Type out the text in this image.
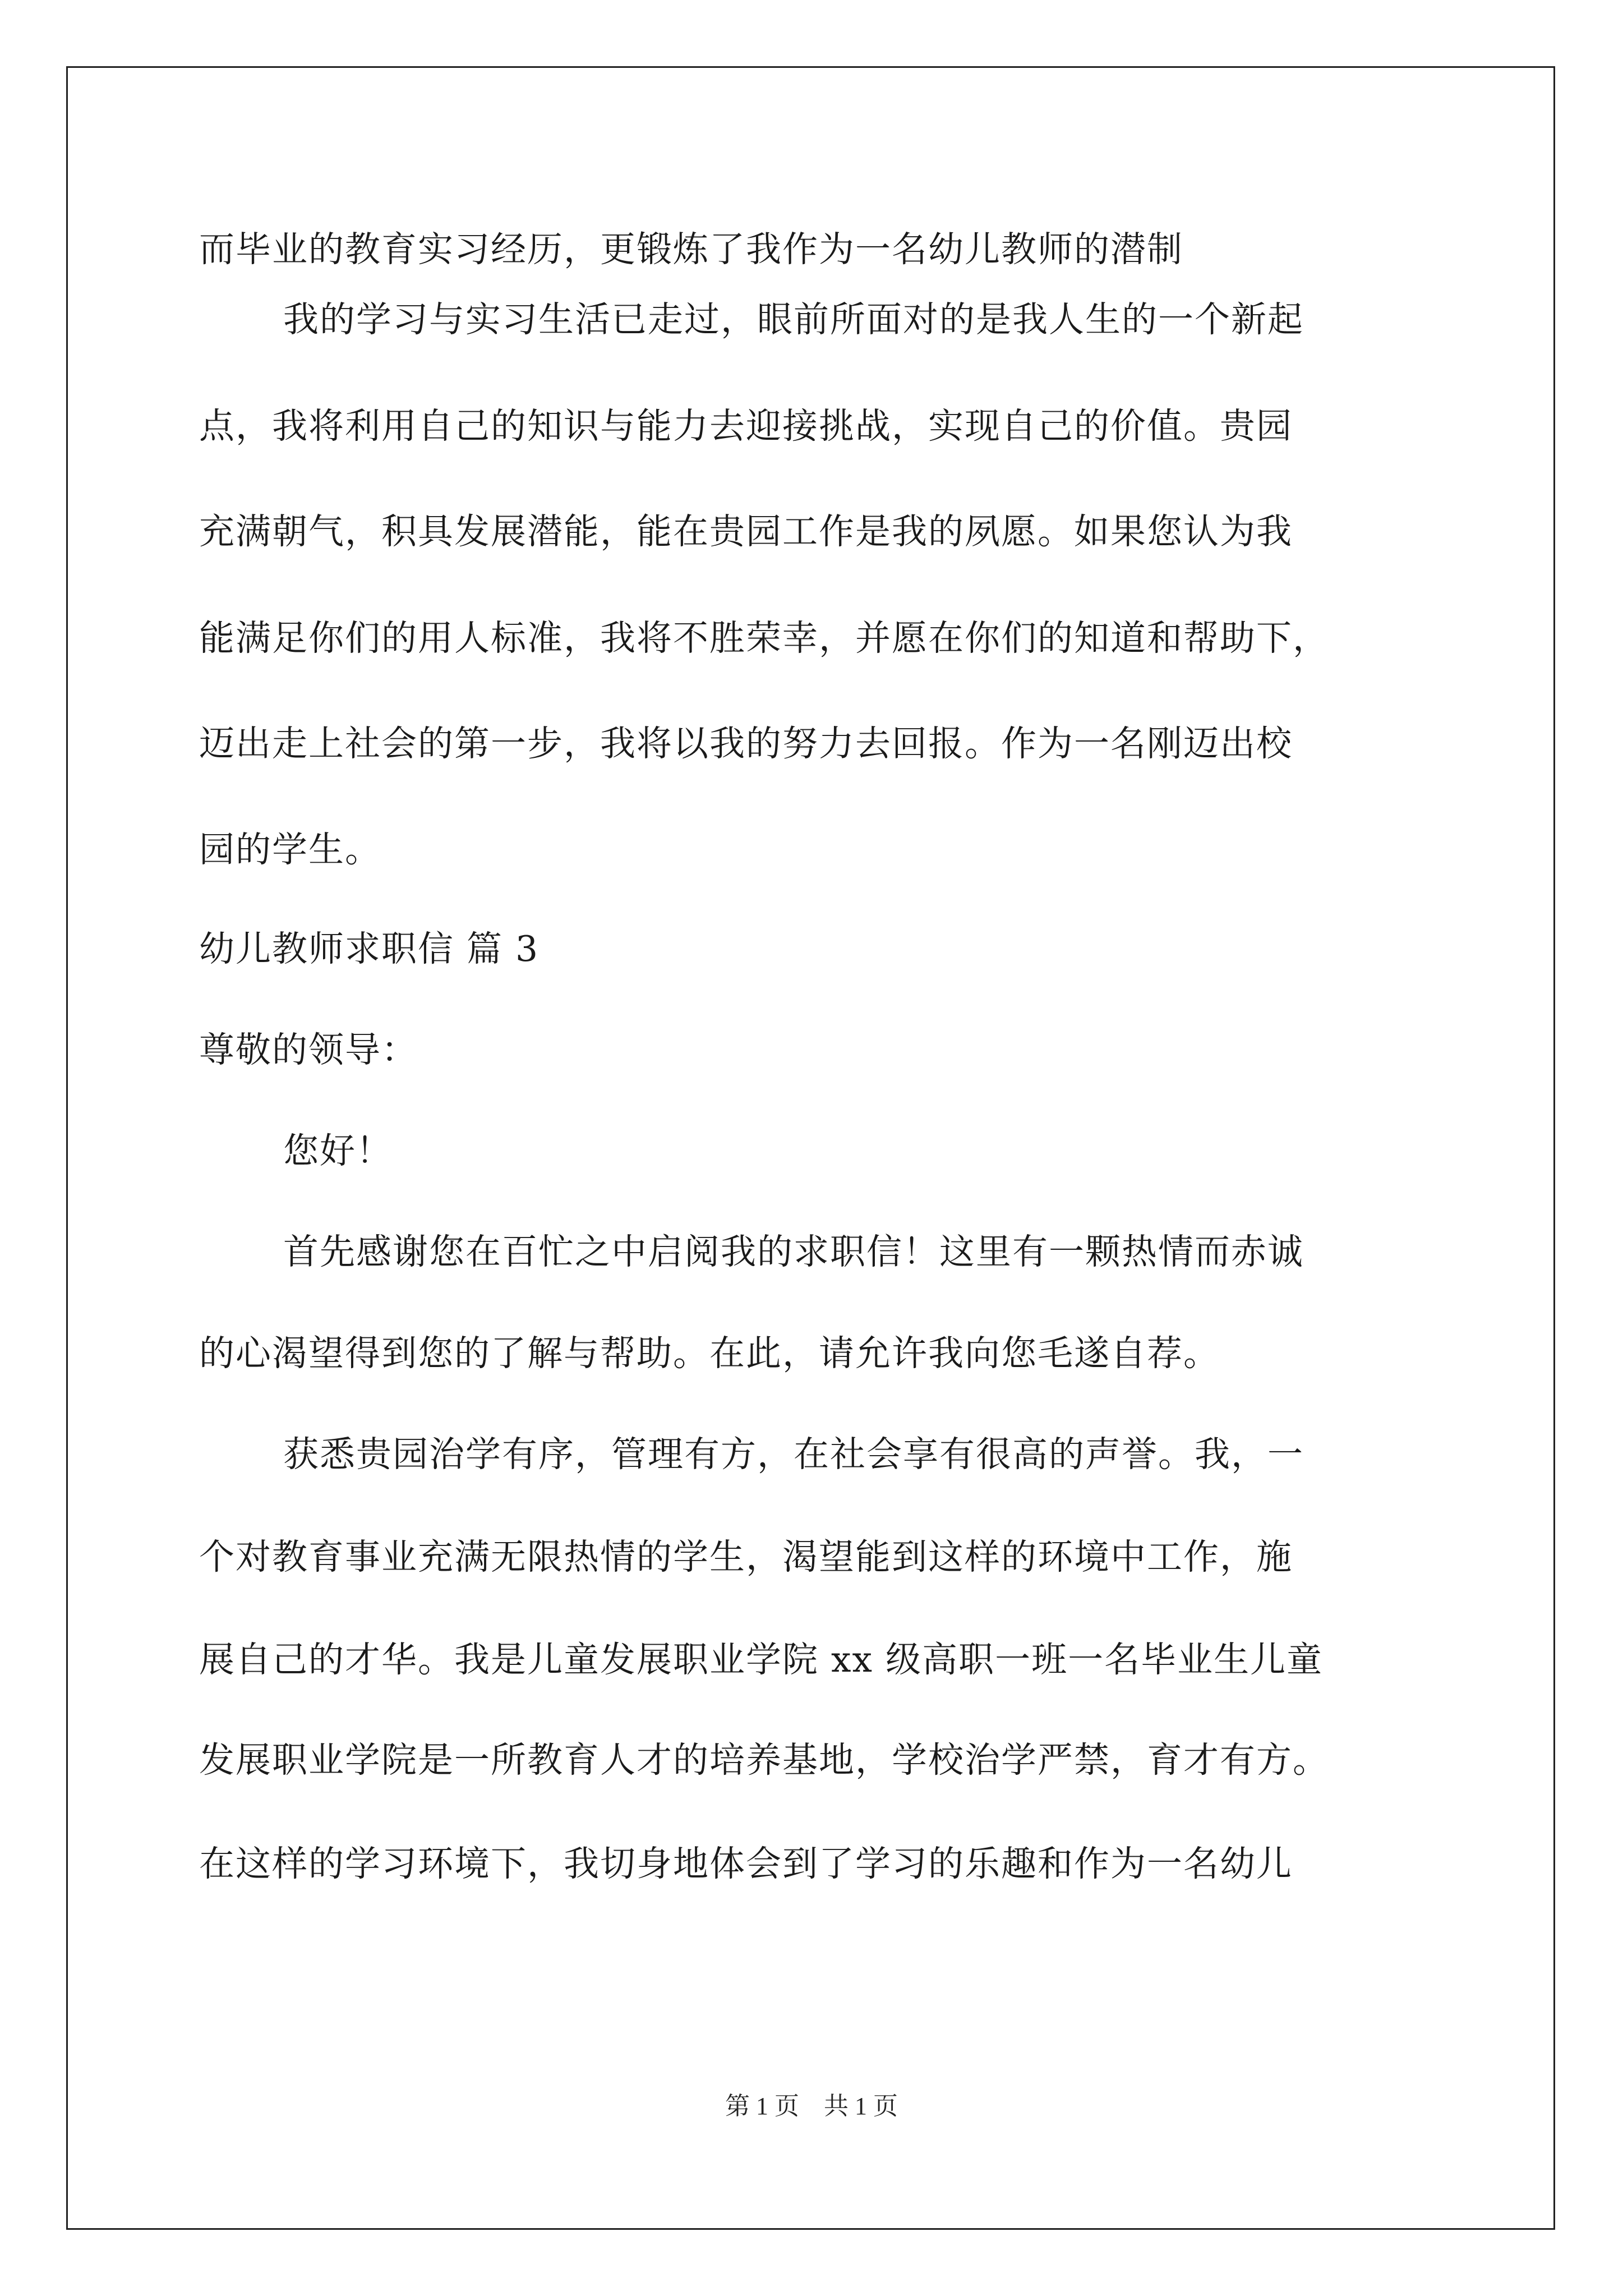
而毕业的教育实习经历，更锻炼了我作为一名幼儿教师的潜制
我的学习与实习生活已走过，眼前所面对的是我人生的一个新起
点，我将利用自己的知识与能力去迎接挑战，实现自己的价值。贵园
充满朝气，积具发展潜能，能在贵园工作是我的夙愿。如果您认为我
能满足你们的用人标准，我将不胜荣幸，并愿在你们的知道和帮助下，
迈出走上社会的第一步，我将以我的努力去回报。作为一名刚迈出校
园的学生。
幼儿教师求职信 篇 3
尊敬的领导：
您好！
首先感谢您在百忙之中启阅我的求职信！这里有一颗热情而赤诚
的心渴望得到您的了解与帮助。在此，请允许我向您毛遂自荐。
获悉贵园治学有序，管理有方，在社会享有很高的声誉。我，一
个对教育事业充满无限热情的学生，渴望能到这样的环境中工作，施
展自己的才华。我是儿童发展职业学院 xx 级高职一班一名毕业生儿童
发展职业学院是一所教育人才的培养基地，学校治学严禁，育才有方。
在这样的学习环境下，我切身地体会到了学习的乐趣和作为一名幼儿
第 1 页　共 1 页
